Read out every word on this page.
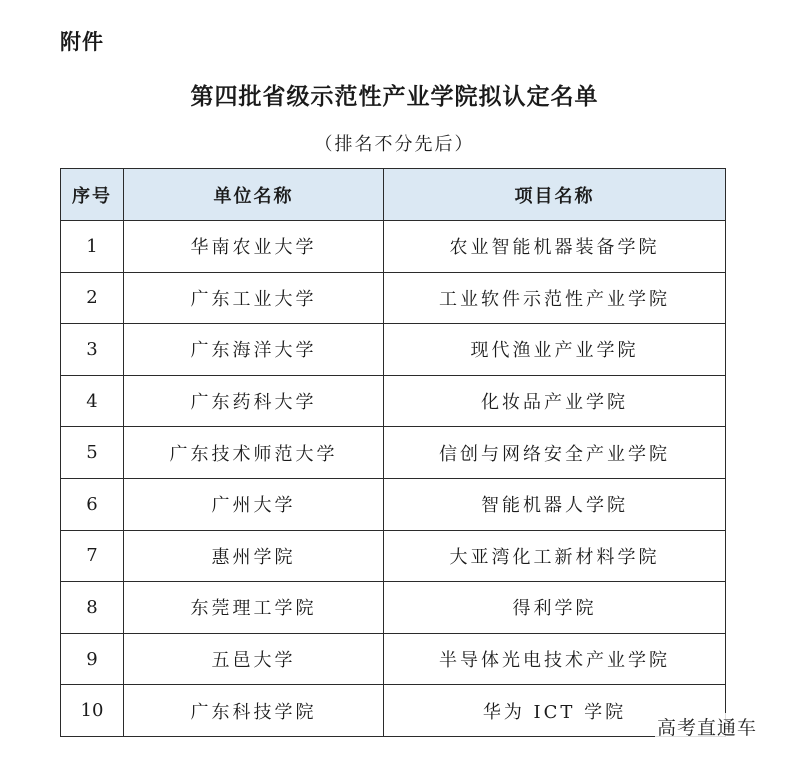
附件
第四批省级示范性产业学院拟认定名单
（排名不分先后）
序号	单位名称	项目名称
1	华南农业大学	农业智能机器装备学院
2	广东工业大学	工业软件示范性产业学院
3	广东海洋大学	现代渔业产业学院
4	广东药科大学	化妆品产业学院
5	广东技术师范大学	信创与网络安全产业学院
6	广州大学	智能机器人学院
7	惠州学院	大亚湾化工新材料学院
8	东莞理工学院	得利学院
9	五邑大学	半导体光电技术产业学院
10	广东科技学院	华为 ICT 学院
高考直通车
